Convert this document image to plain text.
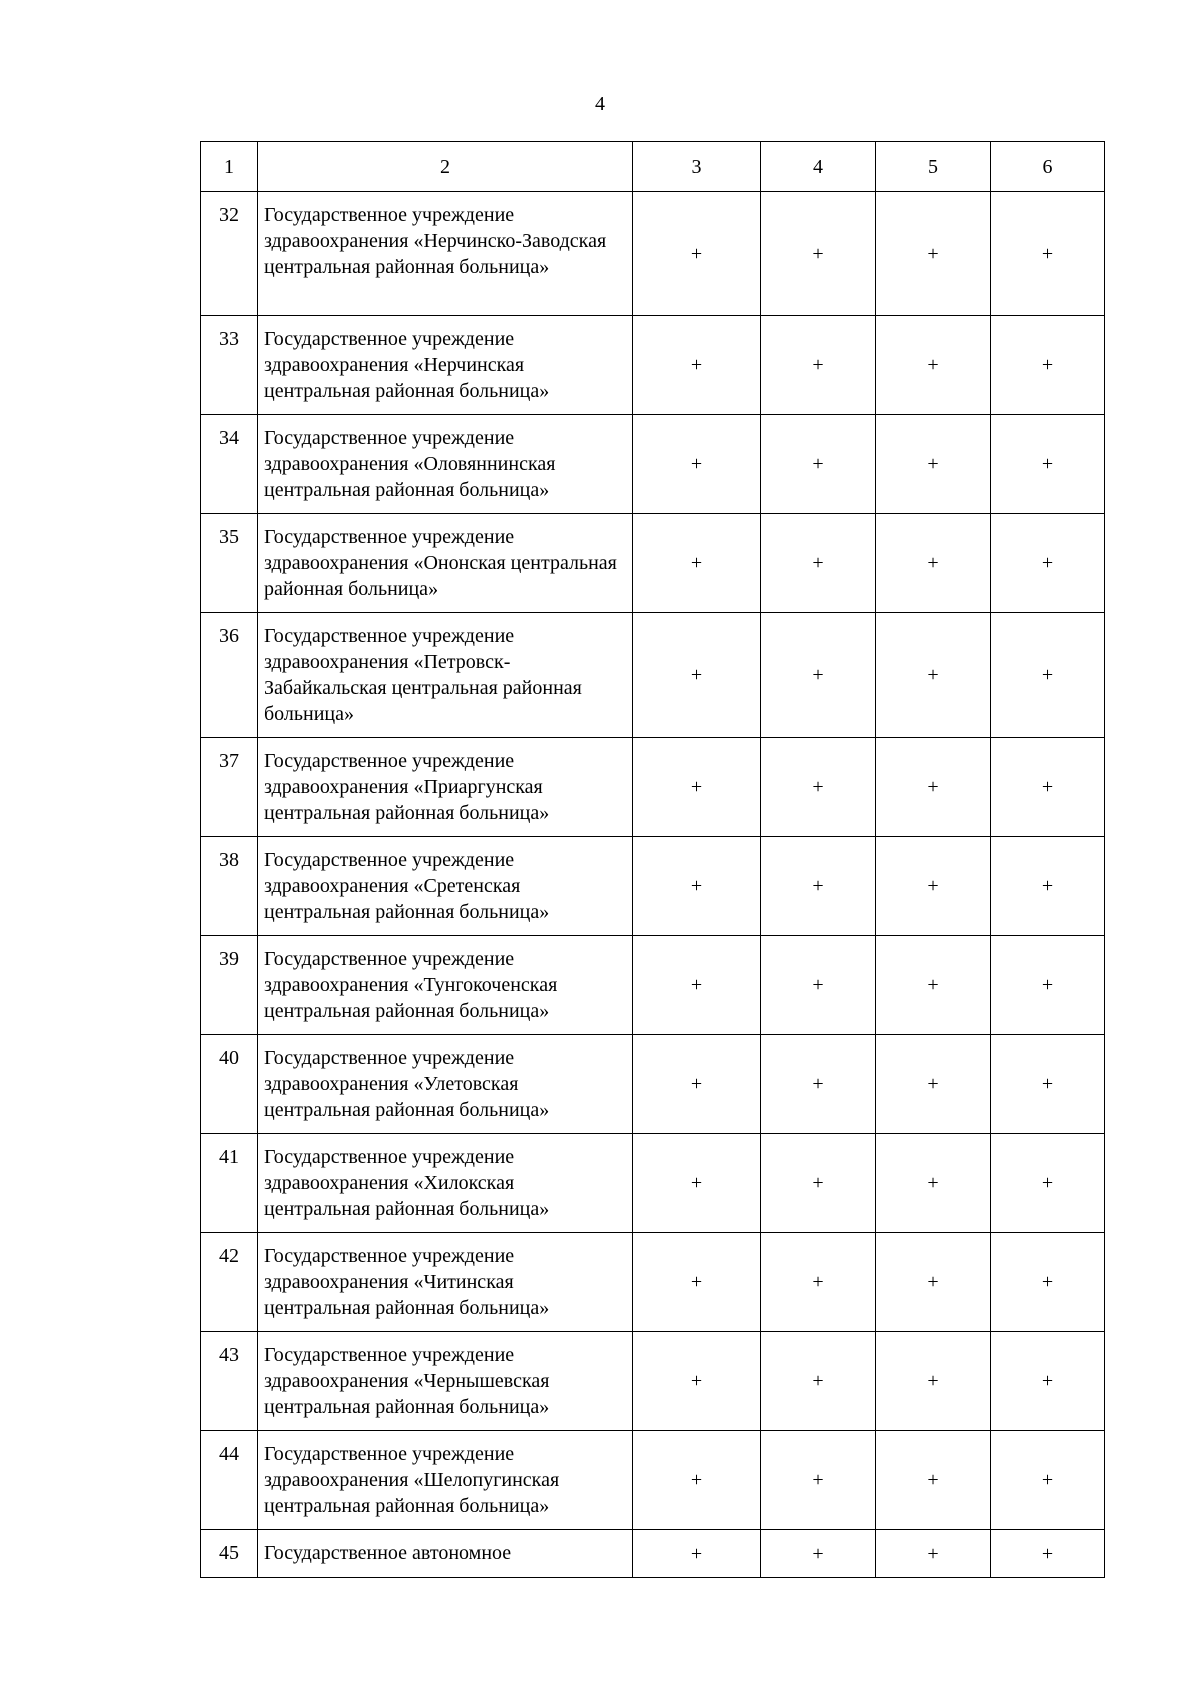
4
1	2	3	4	5	6
32	Государственное учреждение здравоохранения «Нерчинско-Заводская центральная районная больница»	+	+	+	+
33	Государственное учреждение здравоохранения «Нерчинская центральная районная больница»	+	+	+	+
34	Государственное учреждение здравоохранения «Оловяннинская центральная районная больница»	+	+	+	+
35	Государственное учреждение здравоохранения «Ононская центральная районная больница»	+	+	+	+
36	Государственное учреждение здравоохранения «Петровск-Забайкальская центральная районная больница»	+	+	+	+
37	Государственное учреждение здравоохранения «Приаргунская центральная районная больница»	+	+	+	+
38	Государственное учреждение здравоохранения «Сретенская центральная районная больница»	+	+	+	+
39	Государственное учреждение здравоохранения «Тунгокоченская центральная районная больница»	+	+	+	+
40	Государственное учреждение здравоохранения «Улетовская центральная районная больница»	+	+	+	+
41	Государственное учреждение здравоохранения «Хилокская центральная районная больница»	+	+	+	+
42	Государственное учреждение здравоохранения «Читинская центральная районная больница»	+	+	+	+
43	Государственное учреждение здравоохранения «Чернышевская центральная районная больница»	+	+	+	+
44	Государственное учреждение здравоохранения «Шелопугинская центральная районная больница»	+	+	+	+
45	Государственное автономное	+	+	+	+
